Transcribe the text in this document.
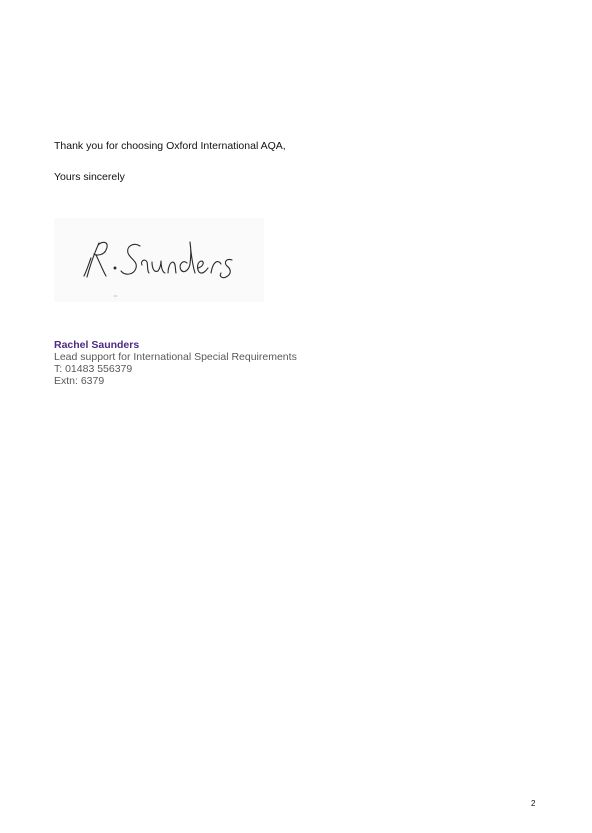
Thank you for choosing Oxford International AQA,
Yours sincerely
Rachel Saunders
Lead support for International Special Requirements
T: 01483 556379
Extn: 6379
2
